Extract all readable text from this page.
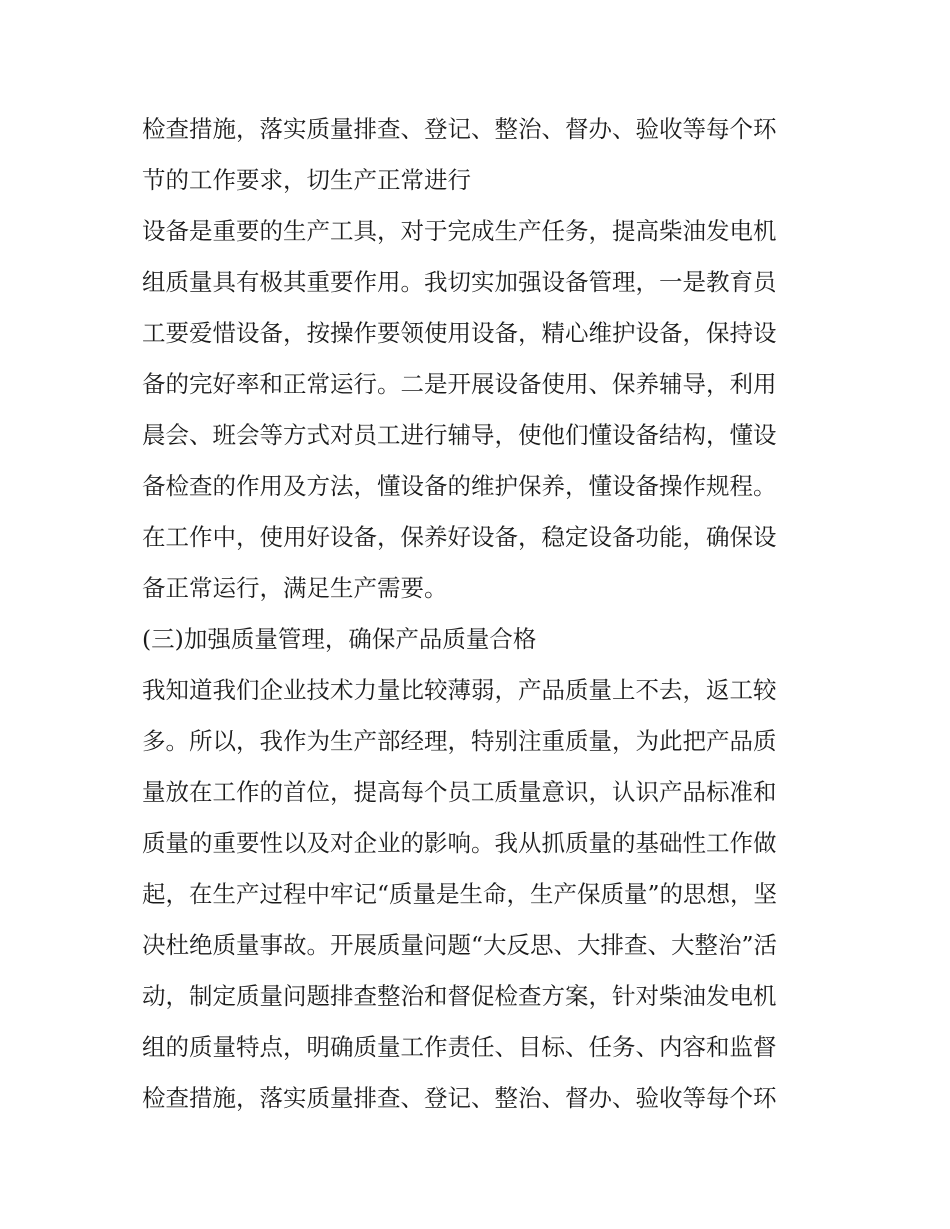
检查措施，落实质量排查、登记、整治、督办、验收等每个环
节的工作要求，切生产正常进行
设备是重要的生产工具，对于完成生产任务，提高柴油发电机
组质量具有极其重要作用。我切实加强设备管理，一是教育员
工要爱惜设备，按操作要领使用设备，精心维护设备，保持设
备的完好率和正常运行。二是开展设备使用、保养辅导，利用
晨会、班会等方式对员工进行辅导，使他们懂设备结构，懂设
备检查的作用及方法，懂设备的维护保养，懂设备操作规程。
在工作中，使用好设备，保养好设备，稳定设备功能，确保设
备正常运行，满足生产需要。
(三)加强质量管理，确保产品质量合格
我知道我们企业技术力量比较薄弱，产品质量上不去，返工较
多。所以，我作为生产部经理，特别注重质量，为此把产品质
量放在工作的首位，提高每个员工质量意识，认识产品标准和
质量的重要性以及对企业的影响。我从抓质量的基础性工作做
起，在生产过程中牢记“质量是生命，生产保质量”的思想，坚
决杜绝质量事故。开展质量问题“大反思、大排查、大整治”活
动，制定质量问题排查整治和督促检查方案，针对柴油发电机
组的质量特点，明确质量工作责任、目标、任务、内容和监督
检查措施，落实质量排查、登记、整治、督办、验收等每个环
